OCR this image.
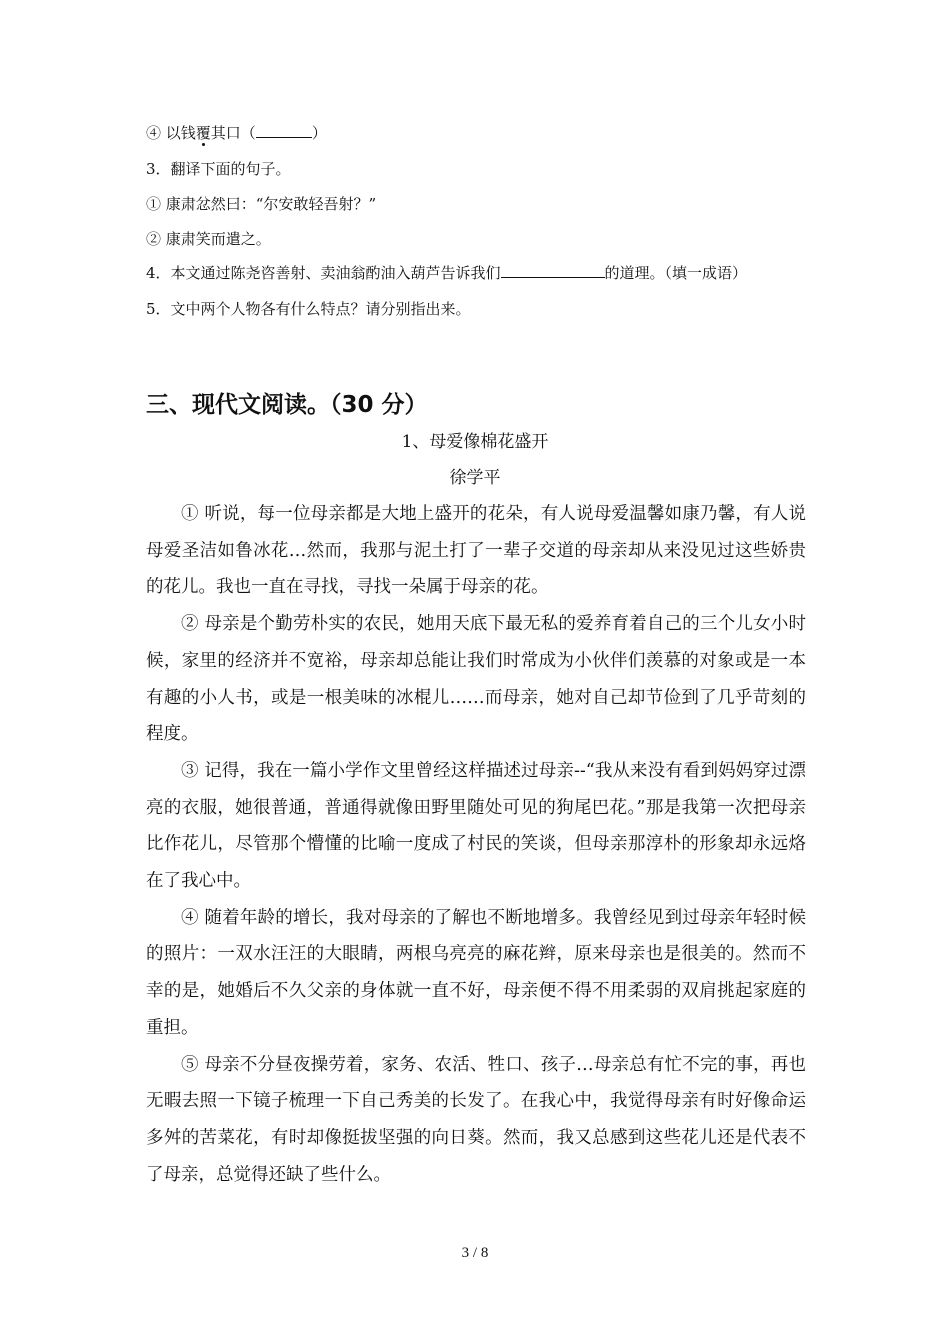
④ 以钱覆其口（	）
3．翻译下面的句子。
① 康肃忿然曰：“尔安敢轻吾射？”
② 康肃笑而遣之。
4．本文通过陈尧咨善射、卖油翁酌油入葫芦告诉我们	的道理。（填一成语）
5．文中两个人物各有什么特点？请分别指出来。
三、现代文阅读。（30 分）
1、母爱像棉花盛开
徐学平

① 听说，每一位母亲都是大地上盛开的花朵，有人说母爱温馨如康乃馨，有人说母爱圣洁如鲁冰花…然而，我那与泥土打了一辈子交道的母亲却从来没见过这些娇贵的花儿。我也一直在寻找，寻找一朵属于母亲的花。

② 母亲是个勤劳朴实的农民，她用天底下最无私的爱养育着自己的三个儿女小时候，家里的经济并不宽裕，母亲却总能让我们时常成为小伙伴们羡慕的对象或是一本有趣的小人书，或是一根美味的冰棍儿……而母亲，她对自己却节俭到了几乎苛刻的程度。

③ 记得，我在一篇小学作文里曾经这样描述过母亲--“我从来没有看到妈妈穿过漂亮的衣服，她很普通，普通得就像田野里随处可见的狗尾巴花。”那是我第一次把母亲比作花儿，尽管那个懵懂的比喻一度成了村民的笑谈，但母亲那淳朴的形象却永远烙在了我心中。

④ 随着年龄的增长，我对母亲的了解也不断地增多。我曾经见到过母亲年轻时候的照片：一双水汪汪的大眼睛，两根乌亮亮的麻花辫，原来母亲也是很美的。然而不幸的是，她婚后不久父亲的身体就一直不好，母亲便不得不用柔弱的双肩挑起家庭的重担。

⑤ 母亲不分昼夜操劳着，家务、农活、牲口、孩子…母亲总有忙不完的事，再也无暇去照一下镜子梳理一下自己秀美的长发了。在我心中，我觉得母亲有时好像命运多舛的苦菜花，有时却像挺拔坚强的向日葵。然而，我又总感到这些花儿还是代表不了母亲，总觉得还缺了些什么。

3 / 8
